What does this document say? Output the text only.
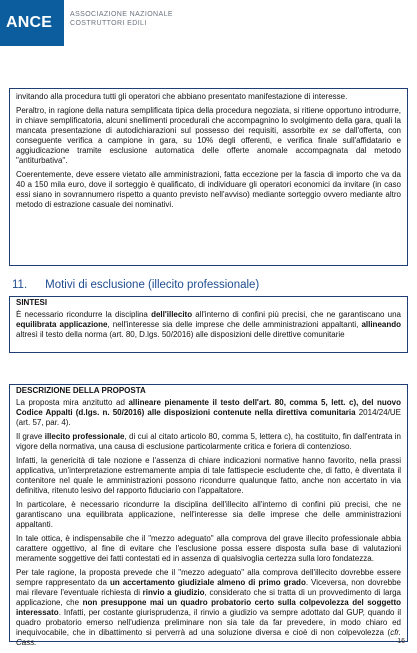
ANCE	ASSOCIAZIONE NAZIONALE
COSTRUTTORI EDILI

invitando alla procedura tutti gli operatori che abbiano presentato manifestazione di interesse.

Peraltro, in ragione della natura semplificata tipica della procedura negoziata, si ritiene opportuno introdurre, in chiave semplificatoria, alcuni snellimenti procedurali che accompagnino lo svolgimento della gara, quali la mancata presentazione di autodichiarazioni sul possesso dei requisiti, assorbite ex se dall'offerta, con conseguente verifica a campione in gara, su 10% degli offerenti, e verifica finale sull'affidatario e aggiudicazione tramite esclusione automatica delle offerte anomale accompagnata dal metodo "antiturbativa".

Coerentemente, deve essere vietato alle amministrazioni, fatta eccezione per la fascia di importo che va da 40 a 150 mila euro, dove il sorteggio è qualificato, di individuare gli operatori economici da invitare (in caso essi siano in sovrannumero rispetto a quanto previsto nell'avviso) mediante sorteggio ovvero mediante altro metodo di estrazione casuale dei nominativi.

11. Motivi di esclusione (illecito professionale)
SINTESI

È necessario ricondurre la disciplina dell'illecito all'interno di confini più precisi, che ne garantiscano una equilibrata applicazione, nell'interesse sia delle imprese che delle amministrazioni appaltanti, allineando altresì il testo della norma (art. 80, D.lgs. 50/2016) alle disposizioni delle direttive comunitarie

DESCRIZIONE DELLA PROPOSTA

La proposta mira anzitutto ad allineare pienamente il testo dell'art. 80, comma 5, lett. c), del nuovo Codice Appalti (d.lgs. n. 50/2016) alle disposizioni contenute nella direttiva comunitaria 2014/24/UE (art. 57, par. 4).

Il grave illecito professionale, di cui al citato articolo 80, comma 5, lettera c), ha costituito, fin dall'entrata in vigore della normativa, una causa di esclusione particolarmente critica e foriera di contenzioso.

Infatti, la genericità di tale nozione e l'assenza di chiare indicazioni normative hanno favorito, nella prassi applicativa, un'interpretazione estremamente ampia di tale fattispecie escludente che, di fatto, è diventata il contenitore nel quale le amministrazioni possono ricondurre qualunque fatto, anche non accertato in via definitiva, ritenuto lesivo del rapporto fiduciario con l'appaltatore.

In particolare, è necessario ricondurre la disciplina dell'illecito all'interno di confini più precisi, che ne garantiscano una equilibrata applicazione, nell'interesse sia delle imprese che delle amministrazioni appaltanti.

In tale ottica, è indispensabile che il "mezzo adeguato" alla comprova del grave illecito professionale abbia carattere oggettivo, al fine di evitare che l'esclusione possa essere disposta sulla base di valutazioni meramente soggettive dei fatti contestati ed in assenza di qualsivoglia certezza sulla loro fondatezza.

Per tale ragione, la proposta prevede che il "mezzo adeguato" alla comprova dell'illecito dovrebbe essere sempre rappresentato da un accertamento giudiziale almeno di primo grado. Viceversa, non dovrebbe mai rilevare l'eventuale richiesta di rinvio a giudizio, considerato che si tratta di un provvedimento di larga applicazione, che non presuppone mai un quadro probatorio certo sulla colpevolezza del soggetto interessato. Infatti, per costante giurisprudenza, il rinvio a giudizio va sempre adottato dal GUP, quando il quadro probatorio emerso nell'udienza preliminare non sia tale da far prevedere, in modo chiaro ed inequivocabile, che in dibattimento si perverrà ad una soluzione diversa e cioè di non colpevolezza (cfr. Cass.	16
